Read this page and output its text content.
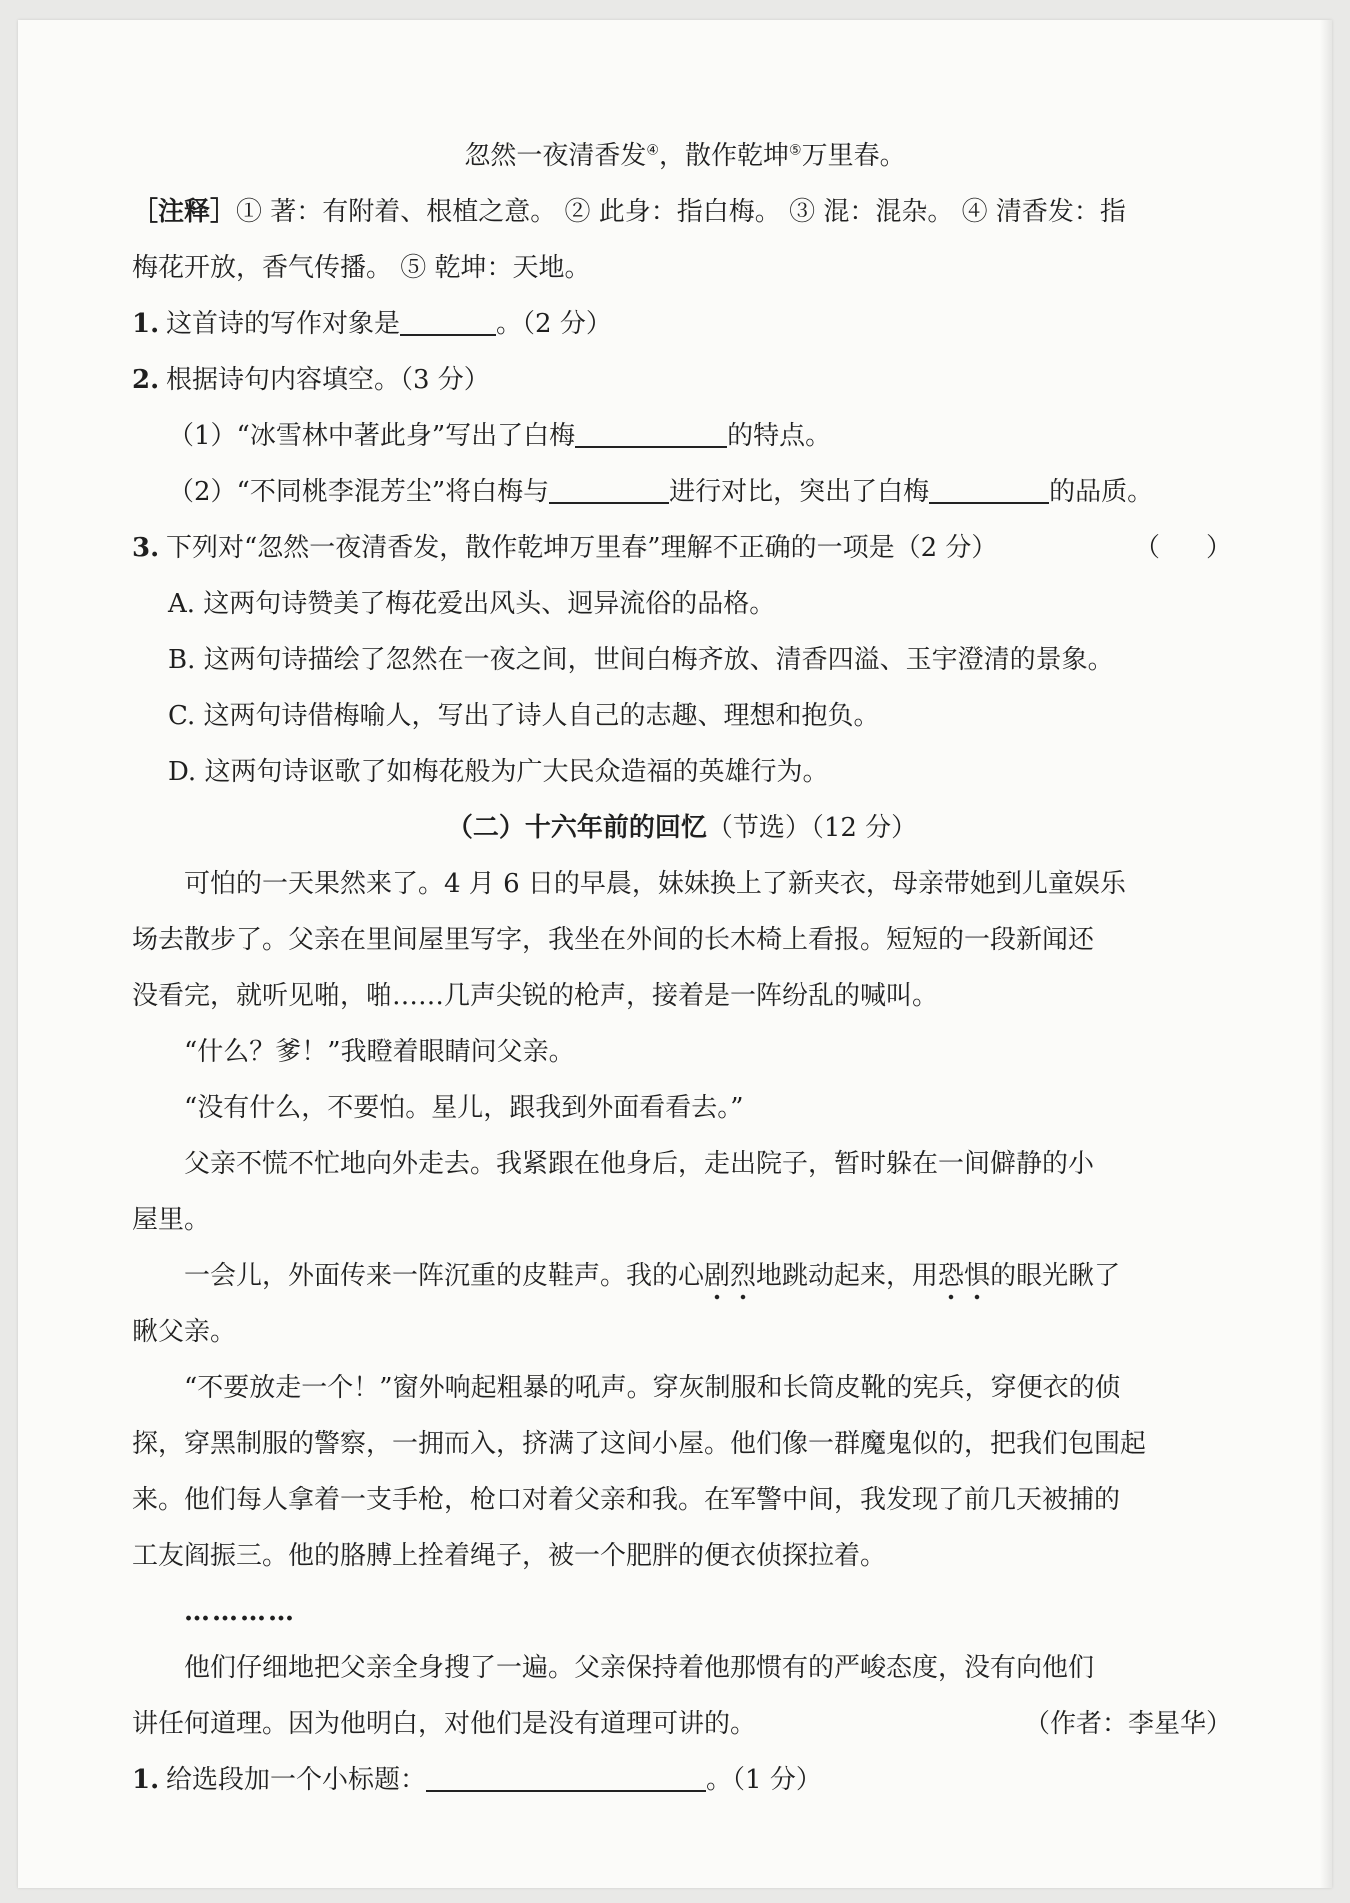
忽然一夜清香发④，散作乾坤⑤万里春。
［注释］① 著：有附着、根植之意。 ② 此身：指白梅。 ③ 混：混杂。 ④ 清香发：指
梅花开放，香气传播。 ⑤ 乾坤：天地。
1. 这首诗的写作对象是	。（2 分）
2. 根据诗句内容填空。（3 分）
（1）“冰雪林中著此身”写出了白梅	的特点。
（2）“不同桃李混芳尘”将白梅与	进行对比，突出了白梅	的品质。
3. 下列对“忽然一夜清香发，散作乾坤万里春”理解不正确的一项是（2 分）	（ ）
A. 这两句诗赞美了梅花爱出风头、迥异流俗的品格。
B. 这两句诗描绘了忽然在一夜之间，世间白梅齐放、清香四溢、玉宇澄清的景象。
C. 这两句诗借梅喻人，写出了诗人自己的志趣、理想和抱负。
D. 这两句诗讴歌了如梅花般为广大民众造福的英雄行为。
（二）十六年前的回忆（节选）（12 分）
可怕的一天果然来了。4 月 6 日的早晨，妹妹换上了新夹衣，母亲带她到儿童娱乐
场去散步了。父亲在里间屋里写字，我坐在外间的长木椅上看报。短短的一段新闻还
没看完，就听见啪，啪……几声尖锐的枪声，接着是一阵纷乱的喊叫。
“什么？爹！”我瞪着眼睛问父亲。
“没有什么，不要怕。星儿，跟我到外面看看去。”
父亲不慌不忙地向外走去。我紧跟在他身后，走出院子，暂时躲在一间僻静的小
屋里。
一会儿，外面传来一阵沉重的皮鞋声。我的心剧烈地跳动起来，用恐惧的眼光瞅了
瞅父亲。
“不要放走一个！”窗外响起粗暴的吼声。穿灰制服和长筒皮靴的宪兵，穿便衣的侦
探，穿黑制服的警察，一拥而入，挤满了这间小屋。他们像一群魔鬼似的，把我们包围起
来。他们每人拿着一支手枪，枪口对着父亲和我。在军警中间，我发现了前几天被捕的
工友阎振三。他的胳膊上拴着绳子，被一个肥胖的便衣侦探拉着。
…………
他们仔细地把父亲全身搜了一遍。父亲保持着他那惯有的严峻态度，没有向他们
讲任何道理。因为他明白，对他们是没有道理可讲的。	（作者：李星华）
1. 给选段加一个小标题：	。（1 分）
